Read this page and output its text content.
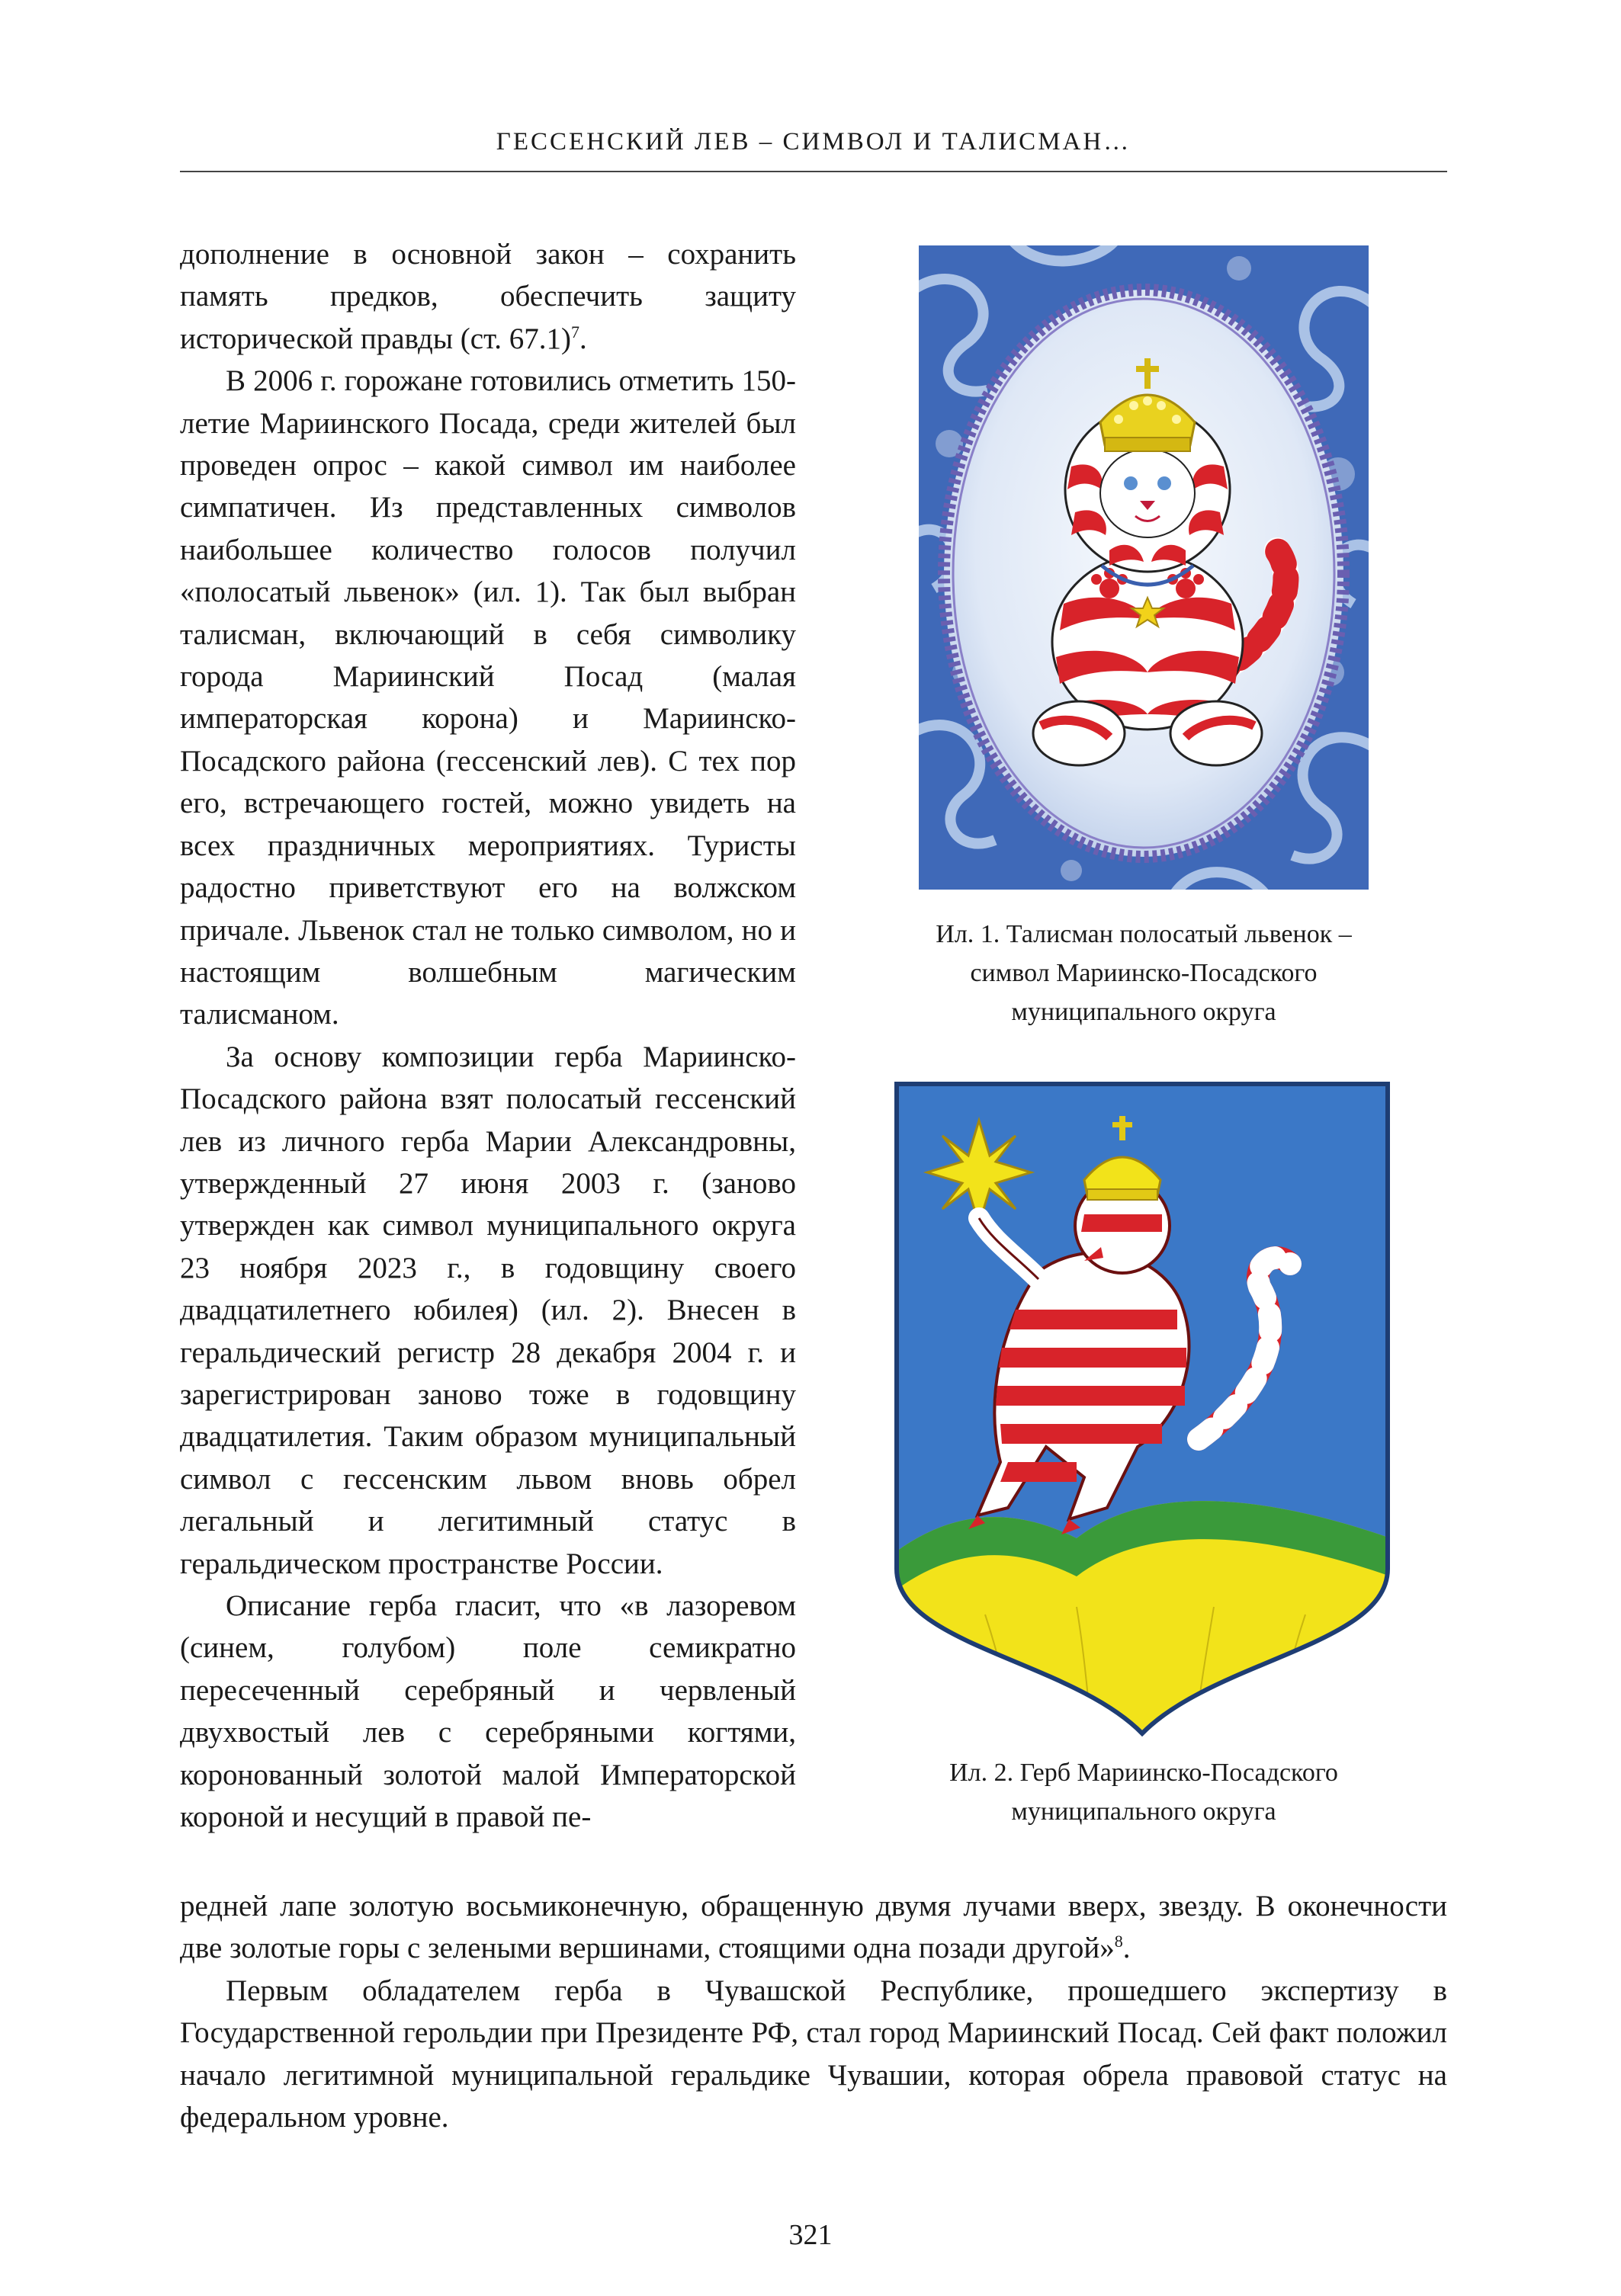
ГЕССЕНСКИЙ ЛЕВ – СИМВОЛ И ТАЛИСМАН…

дополнение в основной закон – сохранить память предков, обеспечить защиту исторической правды (ст. 67.1)$^7$.

В 2006 г. горожане готовились отметить 150-летие Мариинского Посада, среди жителей был проведен опрос – какой символ им наиболее симпатичен. Из представленных символов наибольшее количество голосов получил «полосатый львенок» (ил. 1). Так был выбран талисман, включающий в себя символику города Мариинский Посад (малая императорская корона) и Мариинско-Посадского района (гессенский лев). С тех пор его, встречающего гостей, можно увидеть на всех праздничных мероприятиях. Туристы радостно приветствуют его на волжском причале. Львенок стал не только символом, но и настоящим волшебным магическим талисманом.

За основу композиции герба Мариинско-Посадского района взят полосатый гессенский лев из личного герба Марии Александровны, утвержденный 27 июня 2003 г. (заново утвержден как символ муниципального округа 23 ноября 2023 г., в годовщину своего двадцатилетнего юбилея) (ил. 2). Внесен в геральдический регистр 28 декабря 2004 г. и зарегистрирован заново тоже в годовщину двадцатилетия. Таким образом муниципальный символ с гессенским львом вновь обрел легальный и легитимный статус в геральдическом пространстве России.

Описание герба гласит, что «в лазоревом (синем, голубом) поле семикратно пересеченный серебряный и червленый двухвостый лев с серебряными когтями, коронованный золотой малой Императорской короной и несущий в правой пе-

Ил. 1. Талисман полосатый львенок –
символ Мариинско-Посадского
муниципального округа
Ил. 2. Герб Мариинско-Посадского
муниципального округа

редней лапе золотую восьмиконечную, обращенную двумя лучами вверх, звезду. В оконечности две золотые горы с зелеными вершинами, стоящими одна позади другой»$^8$.

Первым обладателем герба в Чувашской Республике, прошедшего экспертизу в Государственной герольдии при Президенте РФ, стал город Мариинский Посад. Сей факт положил начало легитимной муниципальной геральдике Чувашии, которая обрела правовой статус на федеральном уровне.

321
